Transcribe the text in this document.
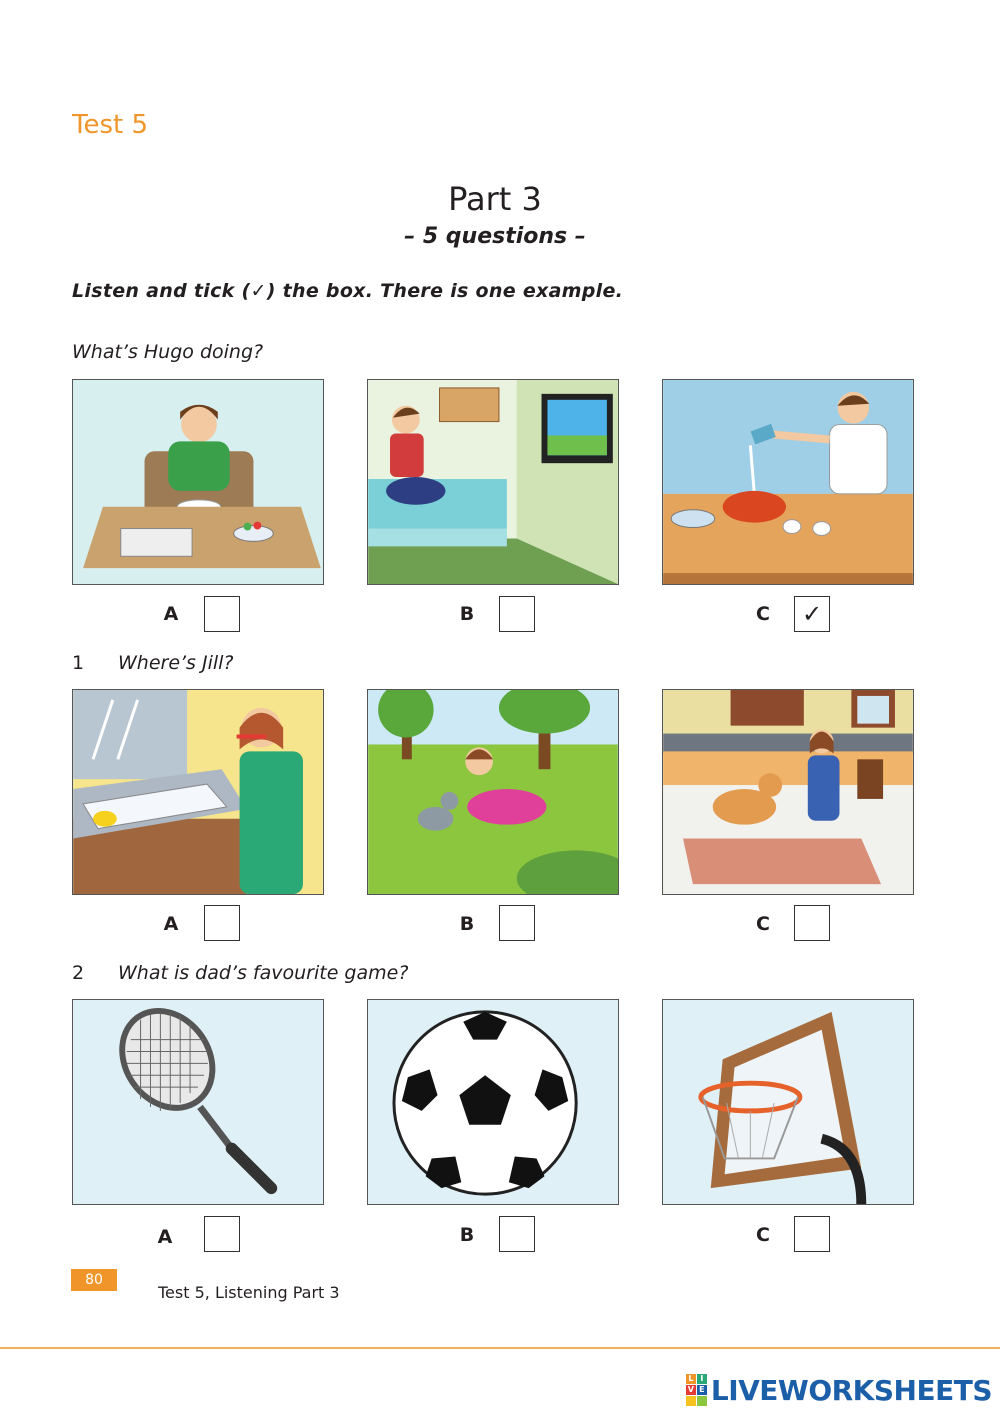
Test 5
Part 3
– 5 questions –
Listen and tick (✓) the box. There is one example.
What’s Hugo doing?
A	B	C	✓
1 Where’s Jill?
A	B	C
2 What is dad’s favourite game?
A	B	C
80
Test 5, Listening Part 3
L I
V E LIVEWORKSHEETS
